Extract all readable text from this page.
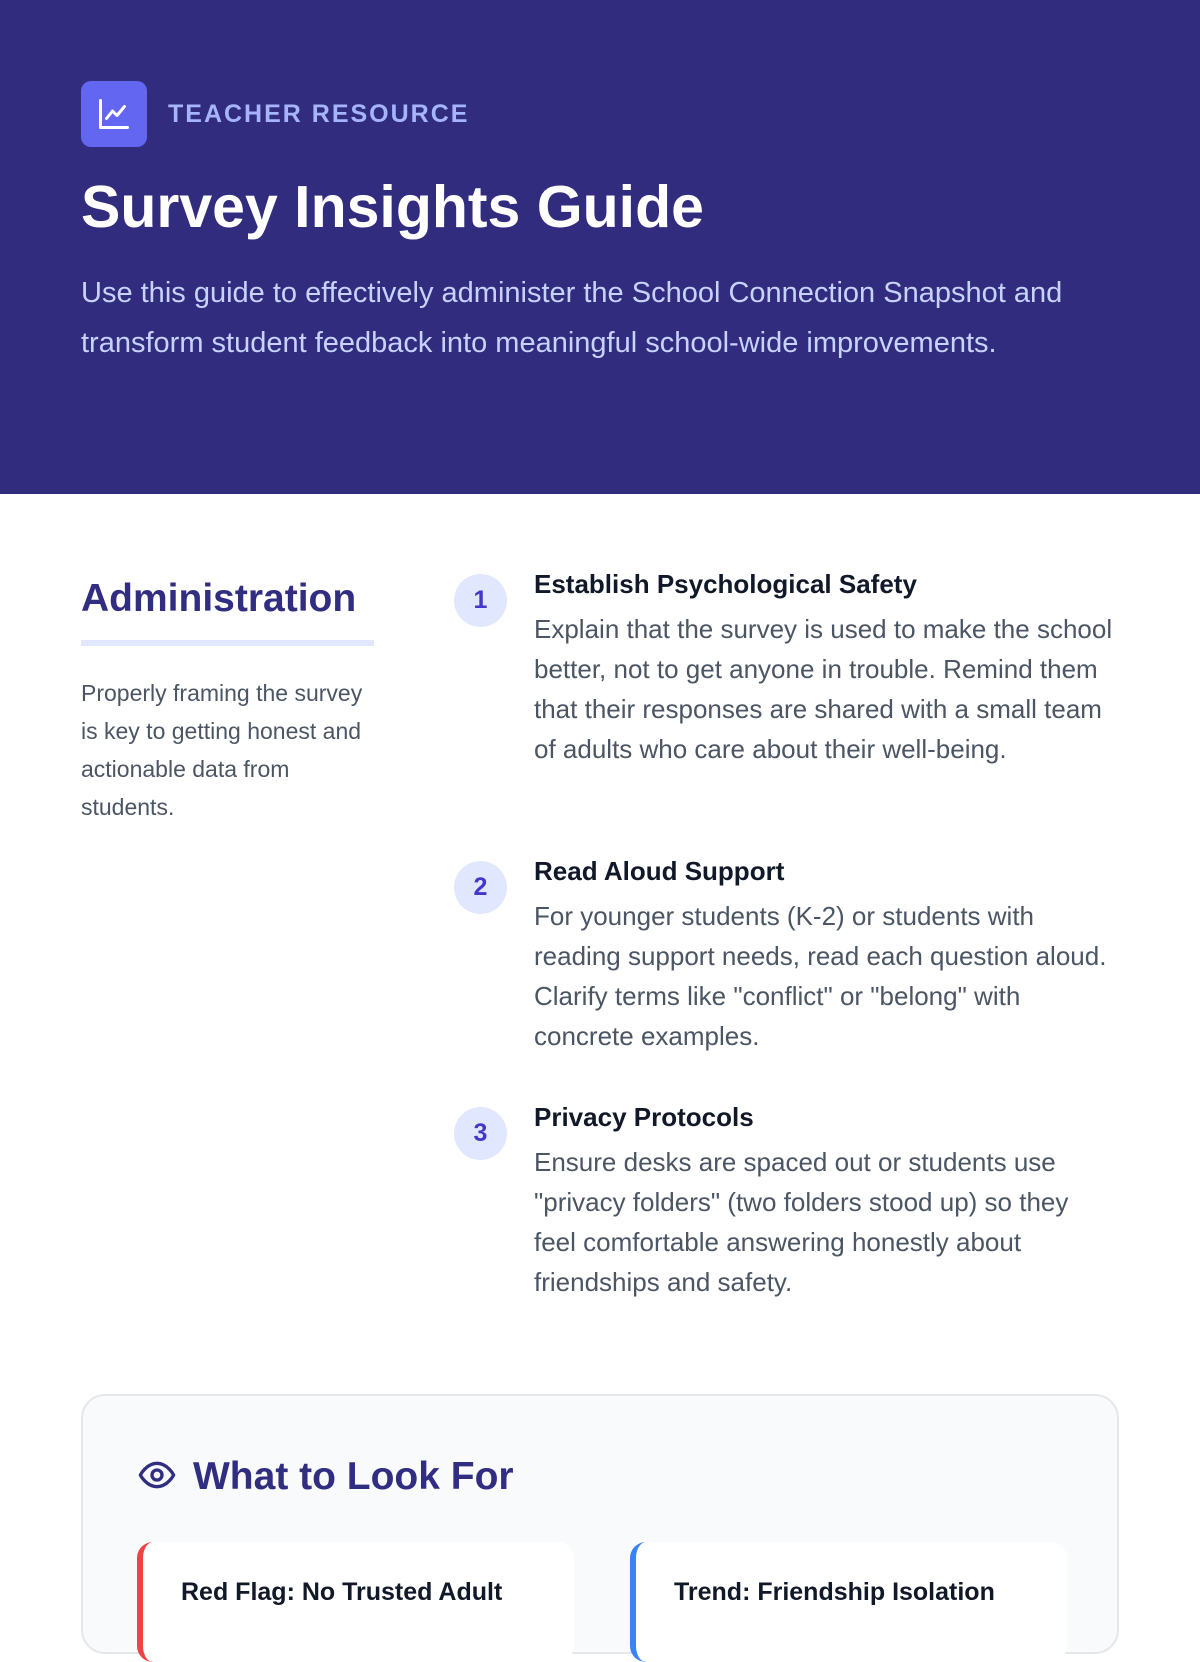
TEACHER RESOURCE
Survey Insights Guide

Use this guide to effectively administer the School Connection Snapshot and transform student feedback into meaningful school-wide improvements.

Administration

Properly framing the survey is key to getting honest and actionable data from students.

1
Establish Psychological Safety

Explain that the survey is used to make the school better, not to get anyone in trouble. Remind them that their responses are shared with a small team of adults who care about their well-being.

2
Read Aloud Support

For younger students (K-2) or students with reading support needs, read each question aloud. Clarify terms like "conflict" or "belong" with concrete examples.

3
Privacy Protocols

Ensure desks are spaced out or students use "privacy folders" (two folders stood up) so they feel comfortable answering honestly about friendships and safety.

What to Look For
Red Flag: No Trusted Adult	Trend: Friendship Isolation
